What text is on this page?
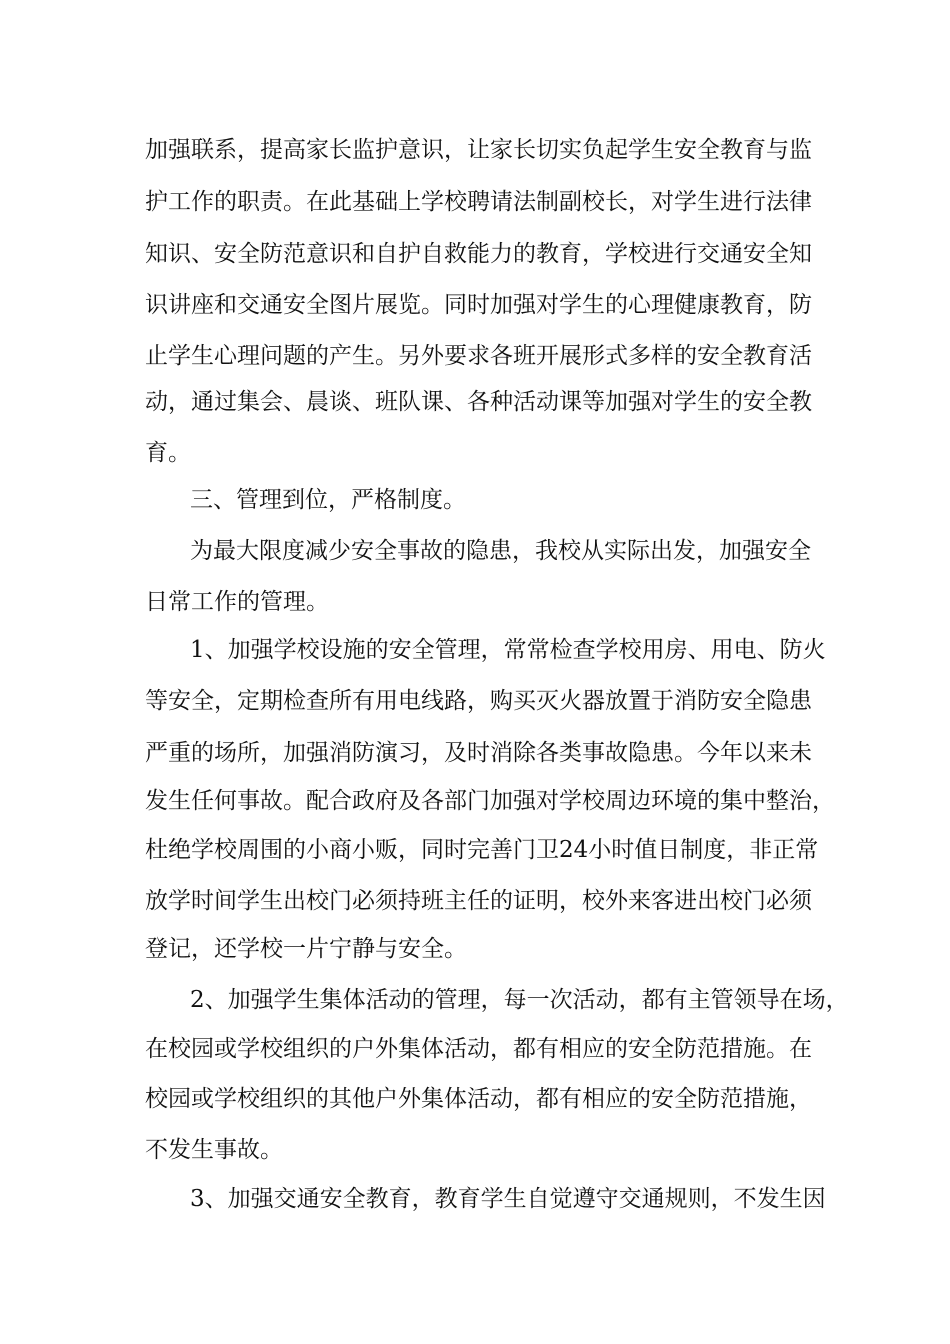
加强联系，提高家长监护意识，让家长切实负起学生安全教育与监
护工作的职责。在此基础上学校聘请法制副校长，对学生进行法律
知识、安全防范意识和自护自救能力的教育，学校进行交通安全知
识讲座和交通安全图片展览。同时加强对学生的心理健康教育，防
止学生心理问题的产生。另外要求各班开展形式多样的安全教育活
动，通过集会、晨谈、班队课、各种活动课等加强对学生的安全教
育。
三、管理到位，严格制度。
为最大限度减少安全事故的隐患，我校从实际出发，加强安全
日常工作的管理。
1、加强学校设施的安全管理，常常检查学校用房、用电、防火
等安全，定期检查所有用电线路，购买灭火器放置于消防安全隐患
严重的场所，加强消防演习，及时消除各类事故隐患。今年以来未
发生任何事故。配合政府及各部门加强对学校周边环境的集中整治，
杜绝学校周围的小商小贩，同时完善门卫24小时值日制度，非正常
放学时间学生出校门必须持班主任的证明，校外来客进出校门必须
登记，还学校一片宁静与安全。
2、加强学生集体活动的管理，每一次活动，都有主管领导在场，
在校园或学校组织的户外集体活动，都有相应的安全防范措施。在
校园或学校组织的其他户外集体活动，都有相应的安全防范措施，
不发生事故。
3、加强交通安全教育，教育学生自觉遵守交通规则，不发生因
